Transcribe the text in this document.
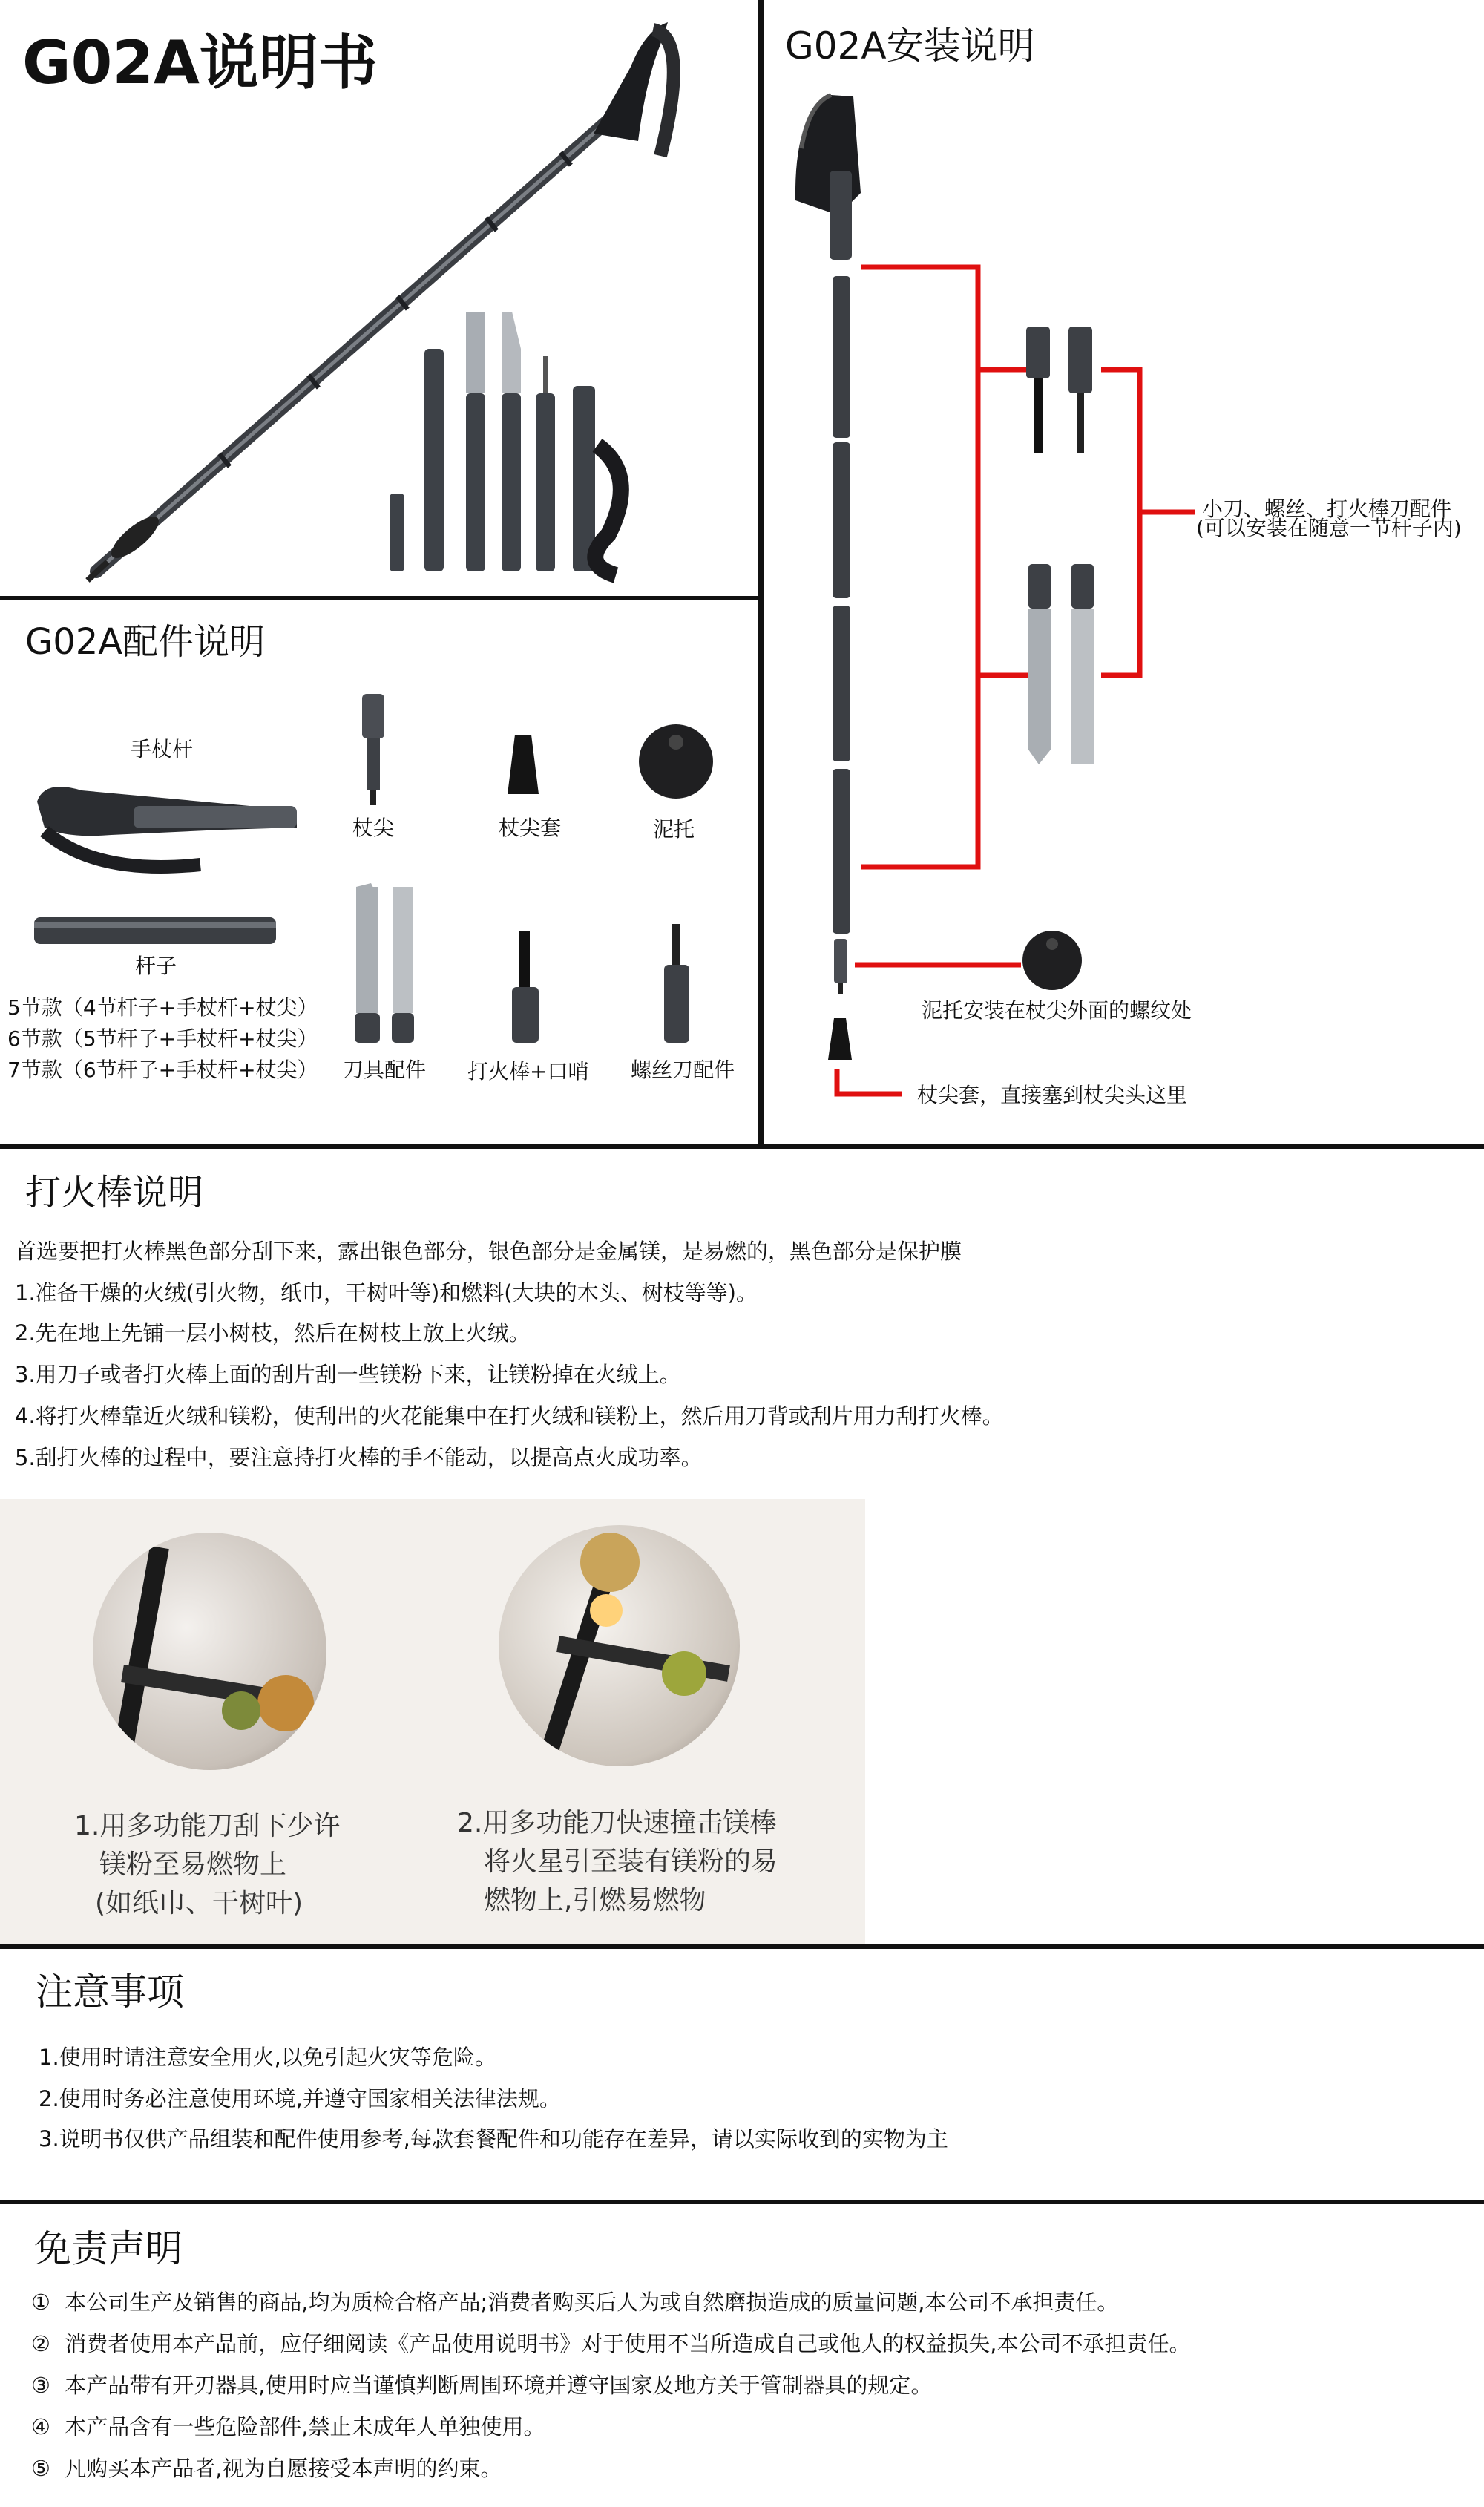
G02A说明书
G02A配件说明
手杖杆
杖尖	杖尖套	泥托
杆子
5节款（4节杆子+手杖杆+杖尖）
6节款（5节杆子+手杖杆+杖尖）
7节款（6节杆子+手杖杆+杖尖） 刀具配件 打火棒+口哨 螺丝刀配件
G02A安装说明
小刀、螺丝、打火棒刀配件
(可以安装在随意一节杆子内)
泥托安装在杖尖外面的螺纹处
杖尖套，直接塞到杖尖头这里
打火棒说明
首选要把打火棒黑色部分刮下来，露出银色部分，银色部分是金属镁，是易燃的，黑色部分是保护膜
1.准备干燥的火绒(引火物，纸巾，干树叶等)和燃料(大块的木头、树枝等等)。
2.先在地上先铺一层小树枝，然后在树枝上放上火绒。
3.用刀子或者打火棒上面的刮片刮一些镁粉下来，让镁粉掉在火绒上。
4.将打火棒靠近火绒和镁粉，使刮出的火花能集中在打火绒和镁粉上，然后用刀背或刮片用力刮打火棒。
5.刮打火棒的过程中，要注意持打火棒的手不能动，以提高点火成功率。
1.用多功能刀刮下少许
镁粉至易燃物上
(如纸巾、干树叶)
2.用多功能刀快速撞击镁棒
将火星引至装有镁粉的易
燃物上,引燃易燃物
注意事项
1.使用时请注意安全用火,以免引起火灾等危险。
2.使用时务必注意使用环境,并遵守国家相关法律法规。
3.说明书仅供产品组装和配件使用参考,每款套餐配件和功能存在差异，请以实际收到的实物为主
免责声明
① 本公司生产及销售的商品,均为质检合格产品;消费者购买后人为或自然磨损造成的质量问题,本公司不承担责任。
② 消费者使用本产品前，应仔细阅读《产品使用说明书》对于使用不当所造成自己或他人的权益损失,本公司不承担责任。
③ 本产品带有开刃器具,使用时应当谨慎判断周围环境并遵守国家及地方关于管制器具的规定。
④ 本产品含有一些危险部件,禁止未成年人单独使用。
⑤ 凡购买本产品者,视为自愿接受本声明的约束。
